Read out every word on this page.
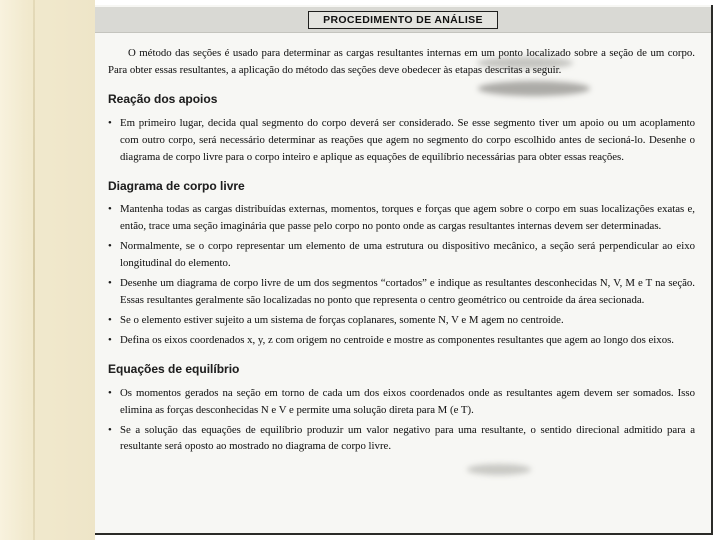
PROCEDIMENTO DE ANÁLISE

O método das seções é usado para determinar as cargas resultantes internas em um ponto localizado sobre a seção de um corpo. Para obter essas resultantes, a aplicação do método das seções deve obedecer às etapas descritas a seguir.

Reação dos apoios
• Em primeiro lugar, decida qual segmento do corpo deverá ser considerado. Se esse segmento tiver um apoio ou um acoplamento com outro corpo, será necessário determinar as reações que agem no segmento do corpo escolhido antes de secioná-lo. Desenhe o diagrama de corpo livre para o corpo inteiro e aplique as equações de equilíbrio necessárias para obter essas reações.
Diagrama de corpo livre
• Mantenha todas as cargas distribuídas externas, momentos, torques e forças que agem sobre o corpo em suas localizações exatas e, então, trace uma seção imaginária que passe pelo corpo no ponto onde as cargas resultantes internas devem ser determinadas.
• Normalmente, se o corpo representar um elemento de uma estrutura ou dispositivo mecânico, a seção será perpendicular ao eixo longitudinal do elemento.
• Desenhe um diagrama de corpo livre de um dos segmentos “cortados” e indique as resultantes desconhecidas N, V, M e T na seção. Essas resultantes geralmente são localizadas no ponto que representa o centro geométrico ou centroide da área secionada.
• Se o elemento estiver sujeito a um sistema de forças coplanares, somente N, V e M agem no centroide.
• Defina os eixos coordenados x, y, z com origem no centroide e mostre as componentes resultantes que agem ao longo dos eixos.
Equações de equilíbrio
• Os momentos gerados na seção em torno de cada um dos eixos coordenados onde as resultantes agem devem ser somados. Isso elimina as forças desconhecidas N e V e permite uma solução direta para M (e T).
• Se a solução das equações de equilíbrio produzir um valor negativo para uma resultante, o sentido direcional admitido para a resultante será oposto ao mostrado no diagrama de corpo livre.
